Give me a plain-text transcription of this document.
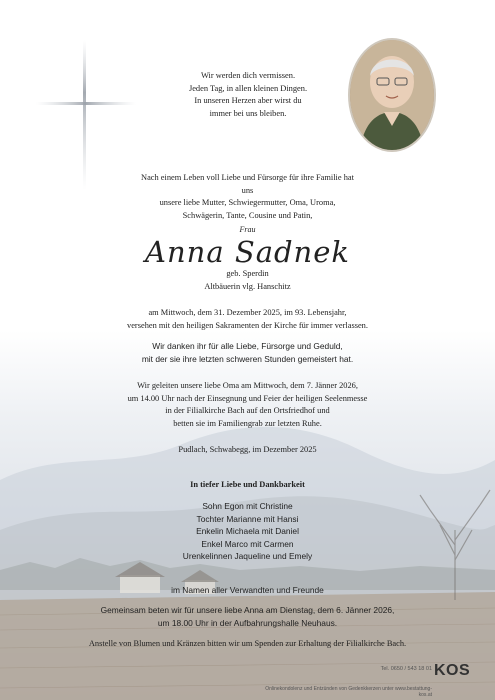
Wir werden dich vermissen.
Jeden Tag, in allen kleinen Dingen.
In unseren Herzen aber wirst du
immer bei uns bleiben.
Nach einem Leben voll Liebe und Fürsorge für ihre Familie hat uns
unsere liebe Mutter, Schwiegermutter, Oma, Uroma,
Schwägerin, Tante, Cousine und Patin,
Frau
Anna Sadnek
geb. Sperdin
Altbäuerin vlg. Hanschitz
am Mittwoch, dem 31. Dezember 2025, im 93. Lebensjahr,
versehen mit den heiligen Sakramenten der Kirche für immer verlassen.
Wir danken ihr für alle Liebe, Fürsorge und Geduld,
mit der sie ihre letzten schweren Stunden gemeistert hat.
Wir geleiten unsere liebe Oma am Mittwoch, dem 7. Jänner 2026,
um 14.00 Uhr nach der Einsegnung und Feier der heiligen Seelenmesse
in der Filialkirche Bach auf den Ortsfriedhof und
betten sie im Familiengrab zur letzten Ruhe.
Pudlach, Schwabegg, im Dezember 2025
In tiefer Liebe und Dankbarkeit
Sohn Egon mit Christine
Tochter Marianne mit Hansi
Enkelin Michaela mit Daniel
Enkel Marco mit Carmen
Urenkelinnen Jaqueline und Emely
im Namen aller Verwandten und Freunde
Gemeinsam beten wir für unsere liebe Anna am Dienstag, dem 6. Jänner 2026,
um 18.00 Uhr in der Aufbahrungshalle Neuhaus.
Anstelle von Blumen und Kränzen bitten wir um Spenden zur Erhaltung der Filialkirche Bach.
Tel. 0650 / 543 18 01
Onlinekondolenz und Entzünden von Gedenkkerzen unter www.bestattung-kos.at
KOS
